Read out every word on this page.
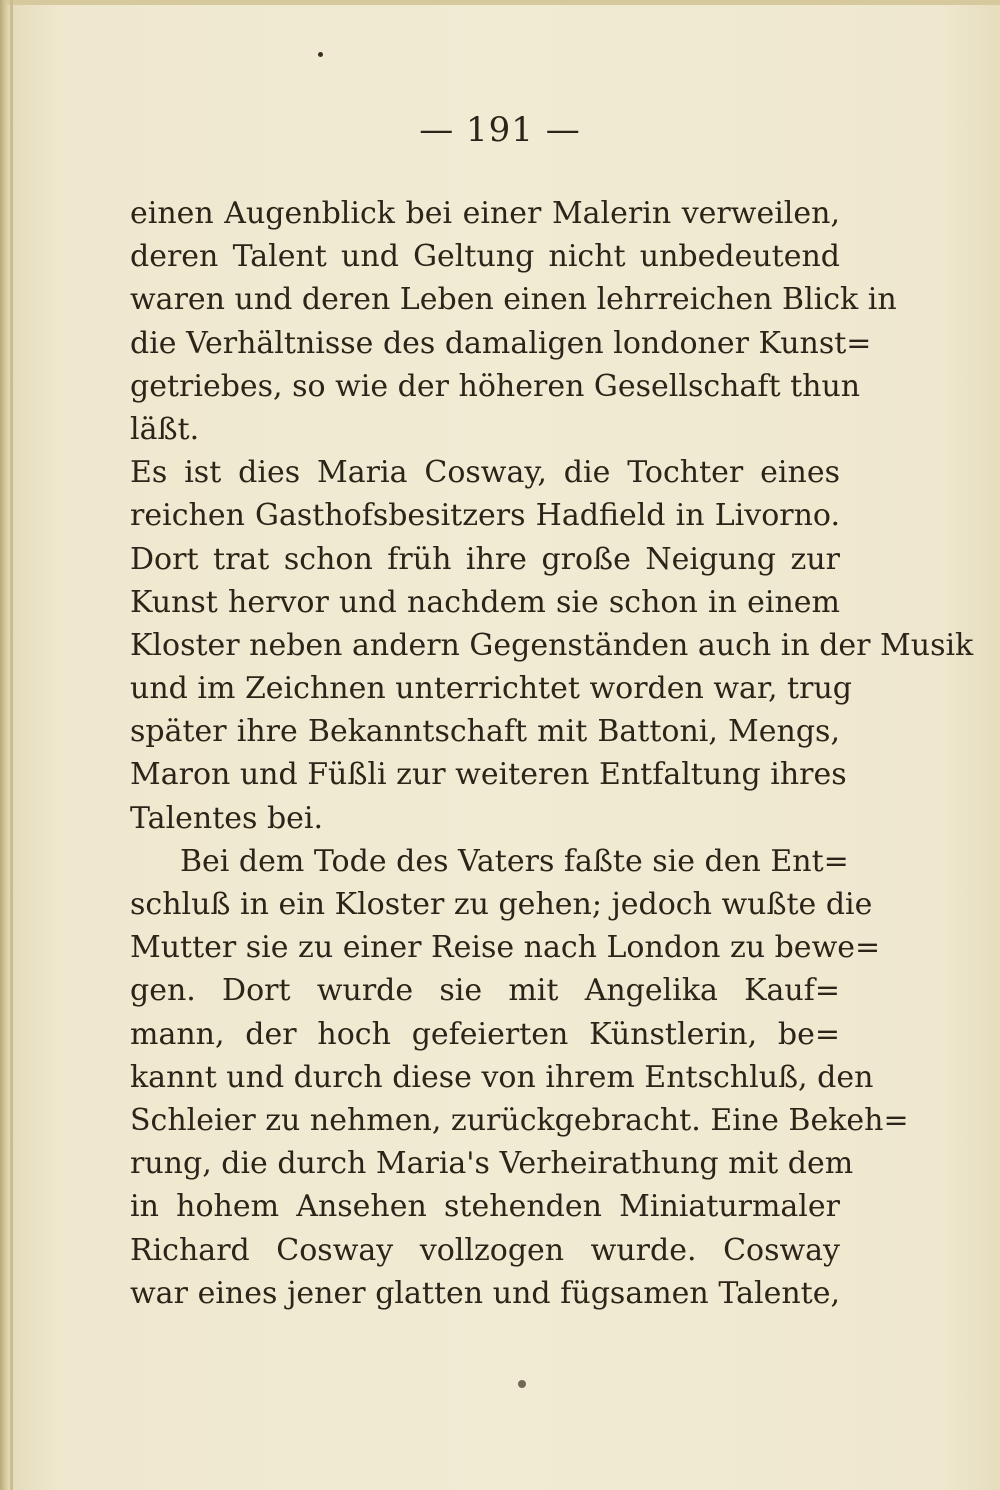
— 191 —
einen Augenblick bei einer Malerin verweilen,
deren Talent und Geltung nicht unbedeutend
waren und deren Leben einen lehrreichen Blick in
die Verhältnisse des damaligen londoner Kunst=
getriebes, so wie der höheren Gesellschaft thun
läßt.
Es ist dies Maria Cosway, die Tochter eines
reichen Gasthofsbesitzers Hadfield in Livorno.
Dort trat schon früh ihre große Neigung zur
Kunst hervor und nachdem sie schon in einem
Kloster neben andern Gegenständen auch in der Musik
und im Zeichnen unterrichtet worden war, trug
später ihre Bekanntschaft mit Battoni, Mengs,
Maron und Füßli zur weiteren Entfaltung ihres
Talentes bei.
Bei dem Tode des Vaters faßte sie den Ent=
schluß in ein Kloster zu gehen; jedoch wußte die
Mutter sie zu einer Reise nach London zu bewe=
gen. Dort wurde sie mit Angelika Kauf=
mann, der hoch gefeierten Künstlerin, be=
kannt und durch diese von ihrem Entschluß, den
Schleier zu nehmen, zurückgebracht. Eine Bekeh=
rung, die durch Maria's Verheirathung mit dem
in hohem Ansehen stehenden Miniaturmaler
Richard Cosway vollzogen wurde. Cosway
war eines jener glatten und fügsamen Talente,
